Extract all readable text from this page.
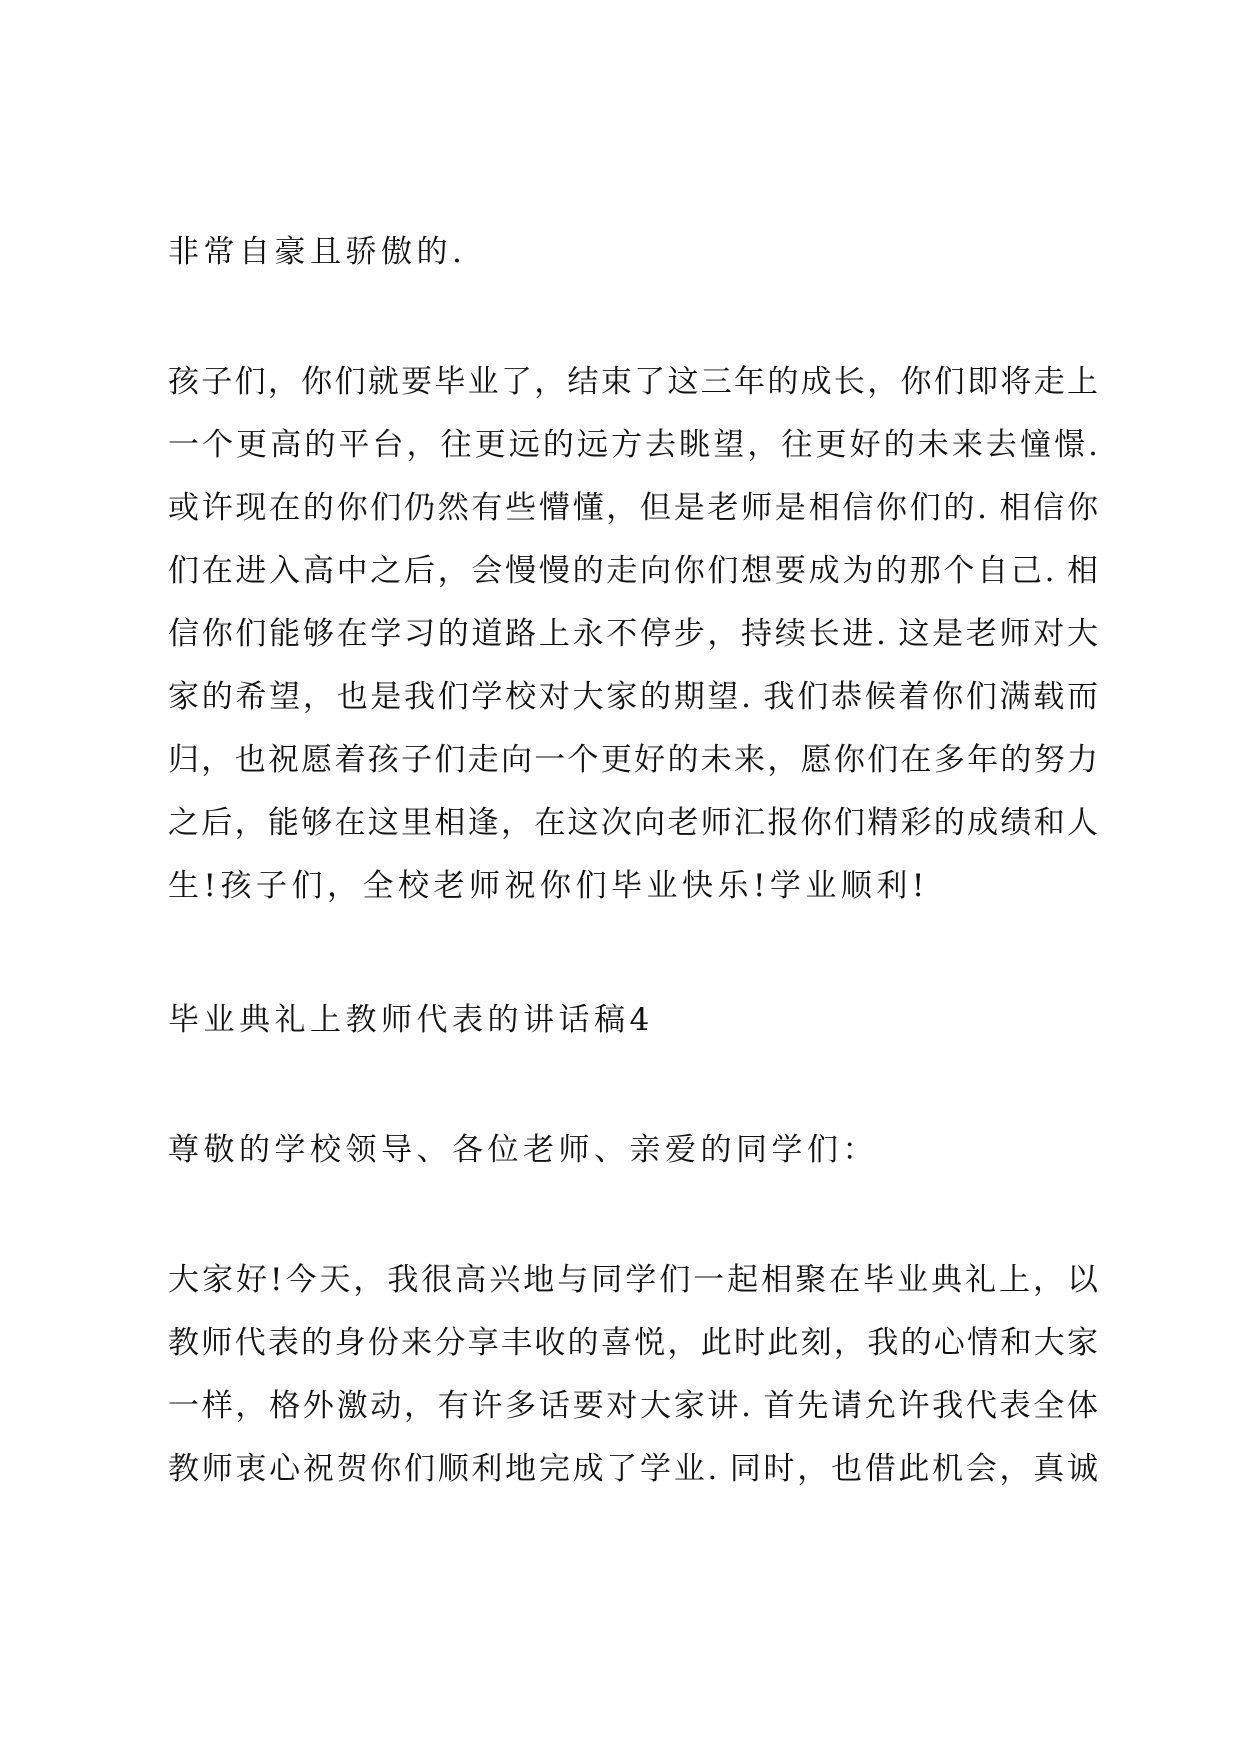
非常自豪且骄傲的.

孩子们，你们就要毕业了，结束了这三年的成长，你们即将走上

一个更高的平台，往更远的远方去眺望，往更好的未来去憧憬.

或许现在的你们仍然有些懵懂，但是老师是相信你们的. 相信你

们在进入高中之后，会慢慢的走向你们想要成为的那个自己. 相

信你们能够在学习的道路上永不停步，持续长进. 这是老师对大

家的希望，也是我们学校对大家的期望. 我们恭候着你们满载而

归，也祝愿着孩子们走向一个更好的未来，愿你们在多年的努力

之后，能够在这里相逢，在这次向老师汇报你们精彩的成绩和人

生!孩子们，全校老师祝你们毕业快乐!学业顺利!

毕业典礼上教师代表的讲话稿4

尊敬的学校领导、各位老师、亲爱的同学们：

大家好!今天，我很高兴地与同学们一起相聚在毕业典礼上，以

教师代表的身份来分享丰收的喜悦，此时此刻，我的心情和大家

一样，格外激动，有许多话要对大家讲. 首先请允许我代表全体

教师衷心祝贺你们顺利地完成了学业. 同时，也借此机会，真诚
